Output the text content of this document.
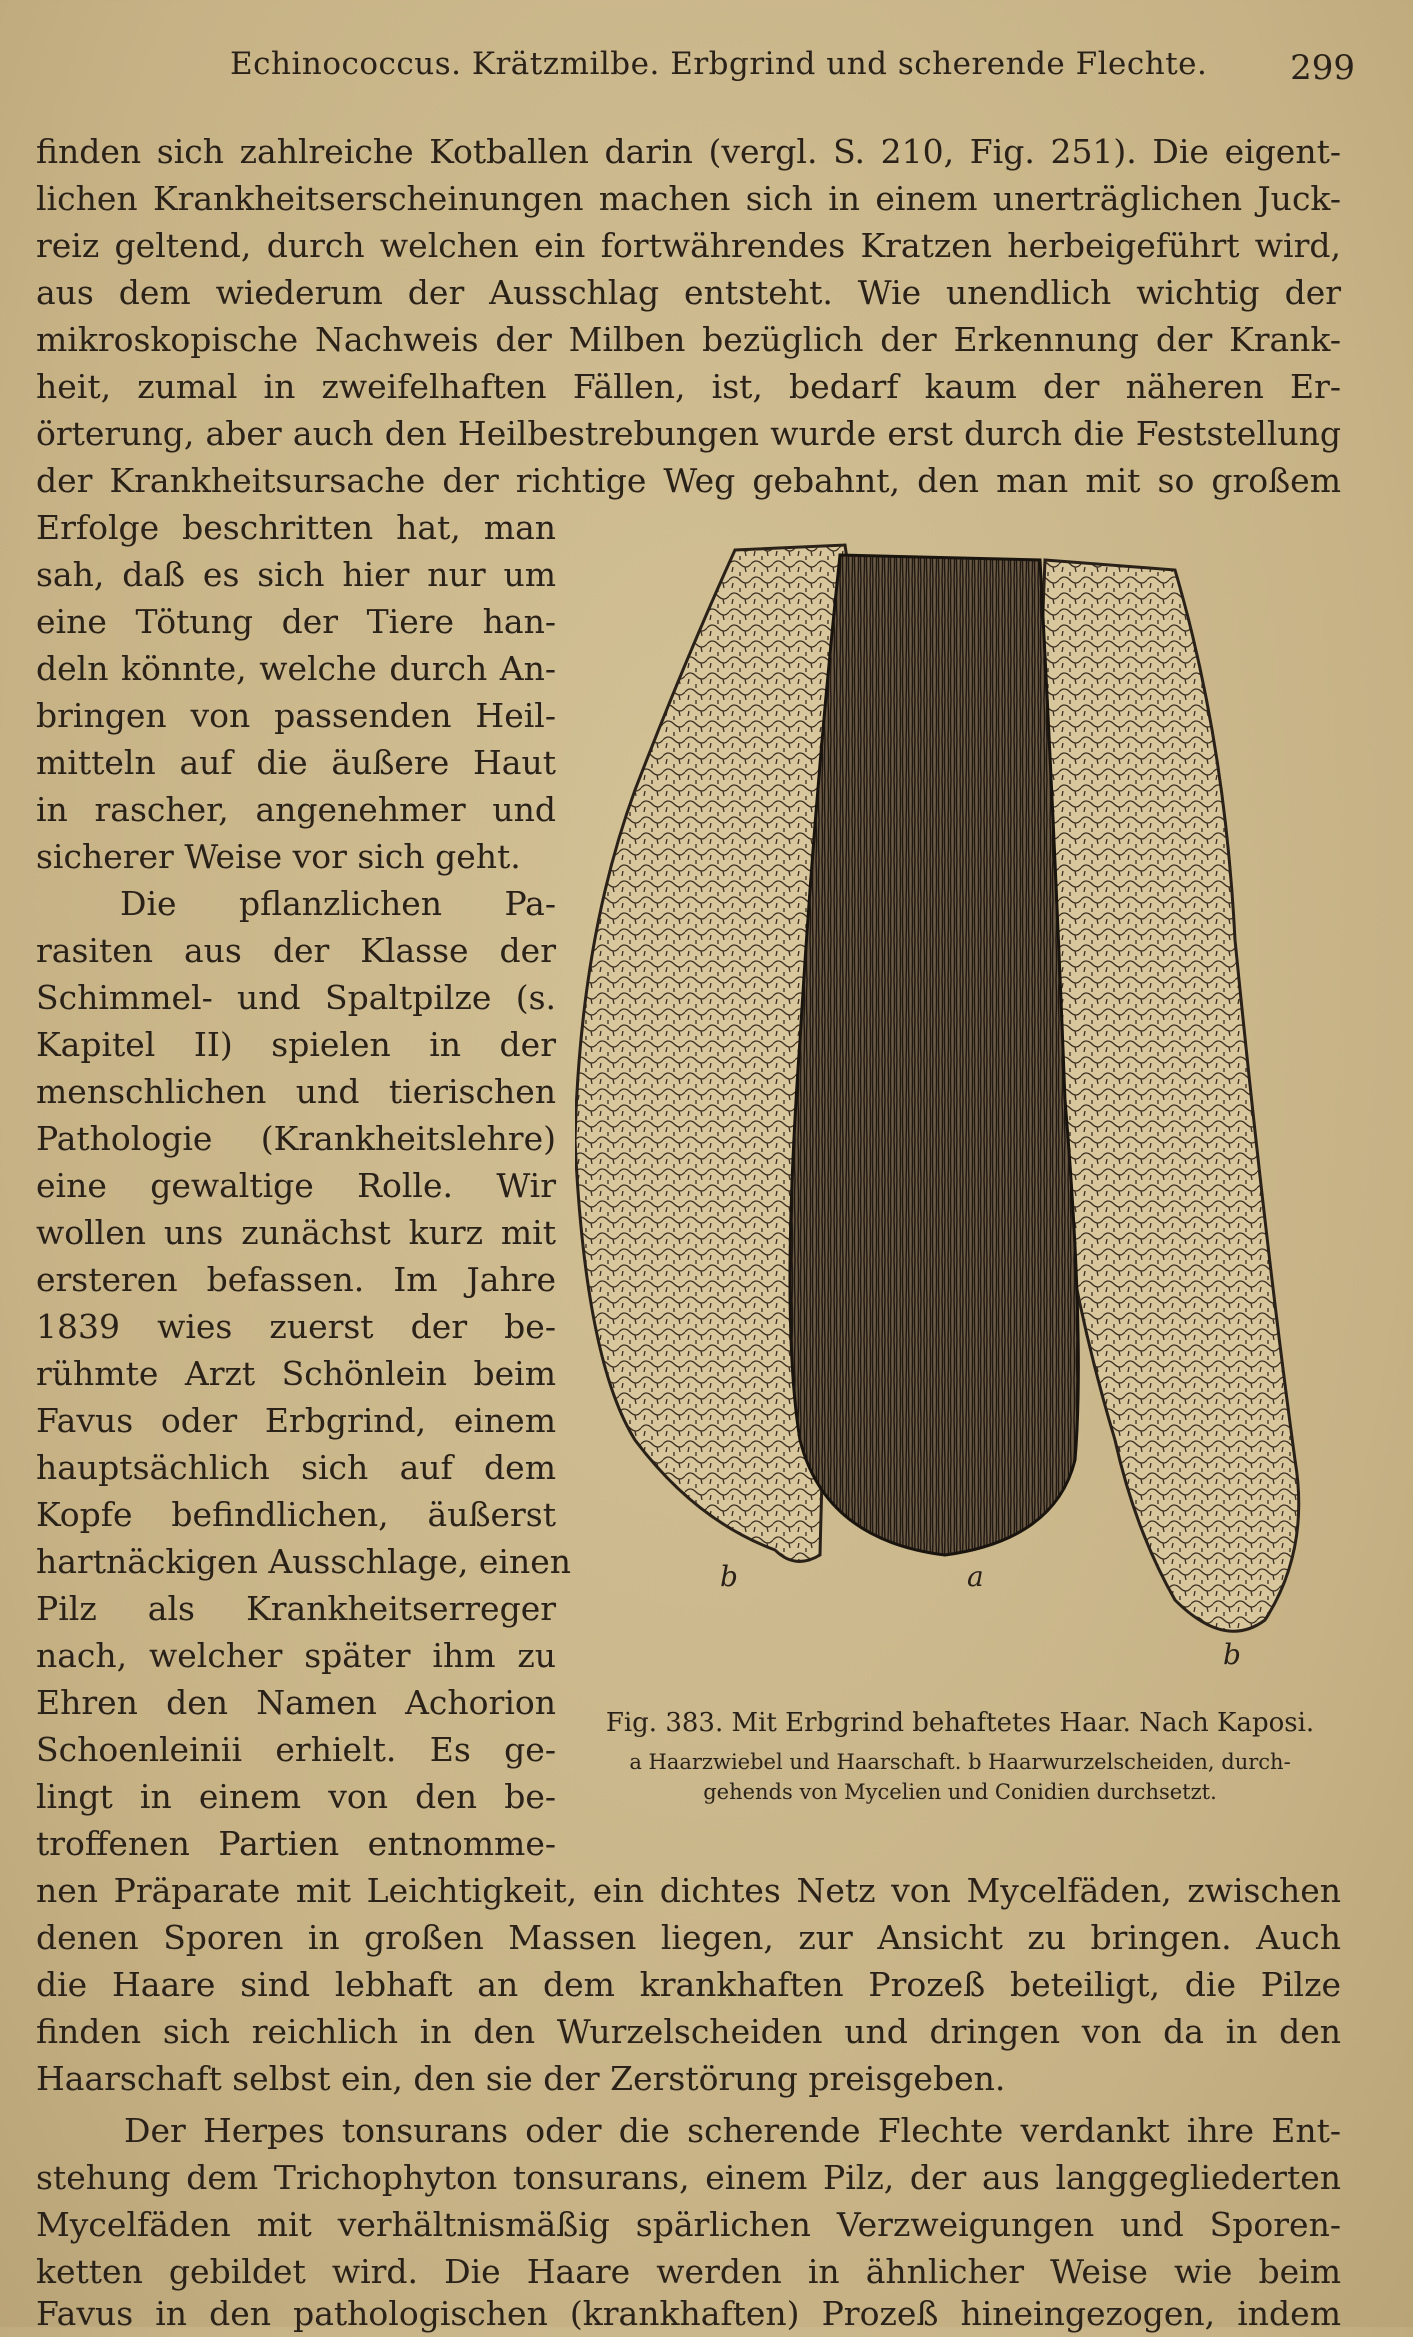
Echinococcus. Krätzmilbe. Erbgrind und scherende Flechte. 299
finden sich zahlreiche Kotballen darin (vergl. S. 210, Fig. 251). Die eigent-
lichen Krankheitserscheinungen machen sich in einem unerträglichen Juck-
reiz geltend, durch welchen ein fortwährendes Kratzen herbeigeführt wird,
aus dem wiederum der Ausschlag entsteht. Wie unendlich wichtig der
mikroskopische Nachweis der Milben bezüglich der Erkennung der Krank-
heit, zumal in zweifelhaften Fällen, ist, bedarf kaum der näheren Er-
örterung, aber auch den Heilbestrebungen wurde erst durch die Feststellung
der Krankheitsursache der richtige Weg gebahnt, den man mit so großem
Erfolge beschritten hat, man
sah, daß es sich hier nur um
eine Tötung der Tiere han-
deln könnte, welche durch An-
bringen von passenden Heil-
mitteln auf die äußere Haut
in rascher, angenehmer und
sicherer Weise vor sich geht.
Die pflanzlichen Pa-
rasiten aus der Klasse der
Schimmel- und Spaltpilze (s.
Kapitel II) spielen in der
menschlichen und tierischen
Pathologie (Krankheitslehre)
eine gewaltige Rolle. Wir
wollen uns zunächst kurz mit
ersteren befassen. Im Jahre
1839 wies zuerst der be-
rühmte Arzt Schönlein beim
Favus oder Erbgrind, einem
hauptsächlich sich auf dem
Kopfe befindlichen, äußerst
hartnäckigen Ausschlage, einen
Pilz als Krankheitserreger
nach, welcher später ihm zu
Ehren den Namen Achorion
Schoenleinii erhielt. Es ge-
lingt in einem von den be-
troffenen Partien entnomme-
b	a
b
Fig. 383. Mit Erbgrind behaftetes Haar. Nach Kaposi.
a Haarzwiebel und Haarschaft. b Haarwurzelscheiden, durch-
gehends von Mycelien und Conidien durchsetzt.
nen Präparate mit Leichtigkeit, ein dichtes Netz von Mycelfäden, zwischen
denen Sporen in großen Massen liegen, zur Ansicht zu bringen. Auch
die Haare sind lebhaft an dem krankhaften Prozeß beteiligt, die Pilze
finden sich reichlich in den Wurzelscheiden und dringen von da in den
Haarschaft selbst ein, den sie der Zerstörung preisgeben.
Der Herpes tonsurans oder die scherende Flechte verdankt ihre Ent-
stehung dem Trichophyton tonsurans, einem Pilz, der aus langgegliederten
Mycelfäden mit verhältnismäßig spärlichen Verzweigungen und Sporen-
ketten gebildet wird. Die Haare werden in ähnlicher Weise wie beim
Favus in den pathologischen (krankhaften) Prozeß hineingezogen, indem
